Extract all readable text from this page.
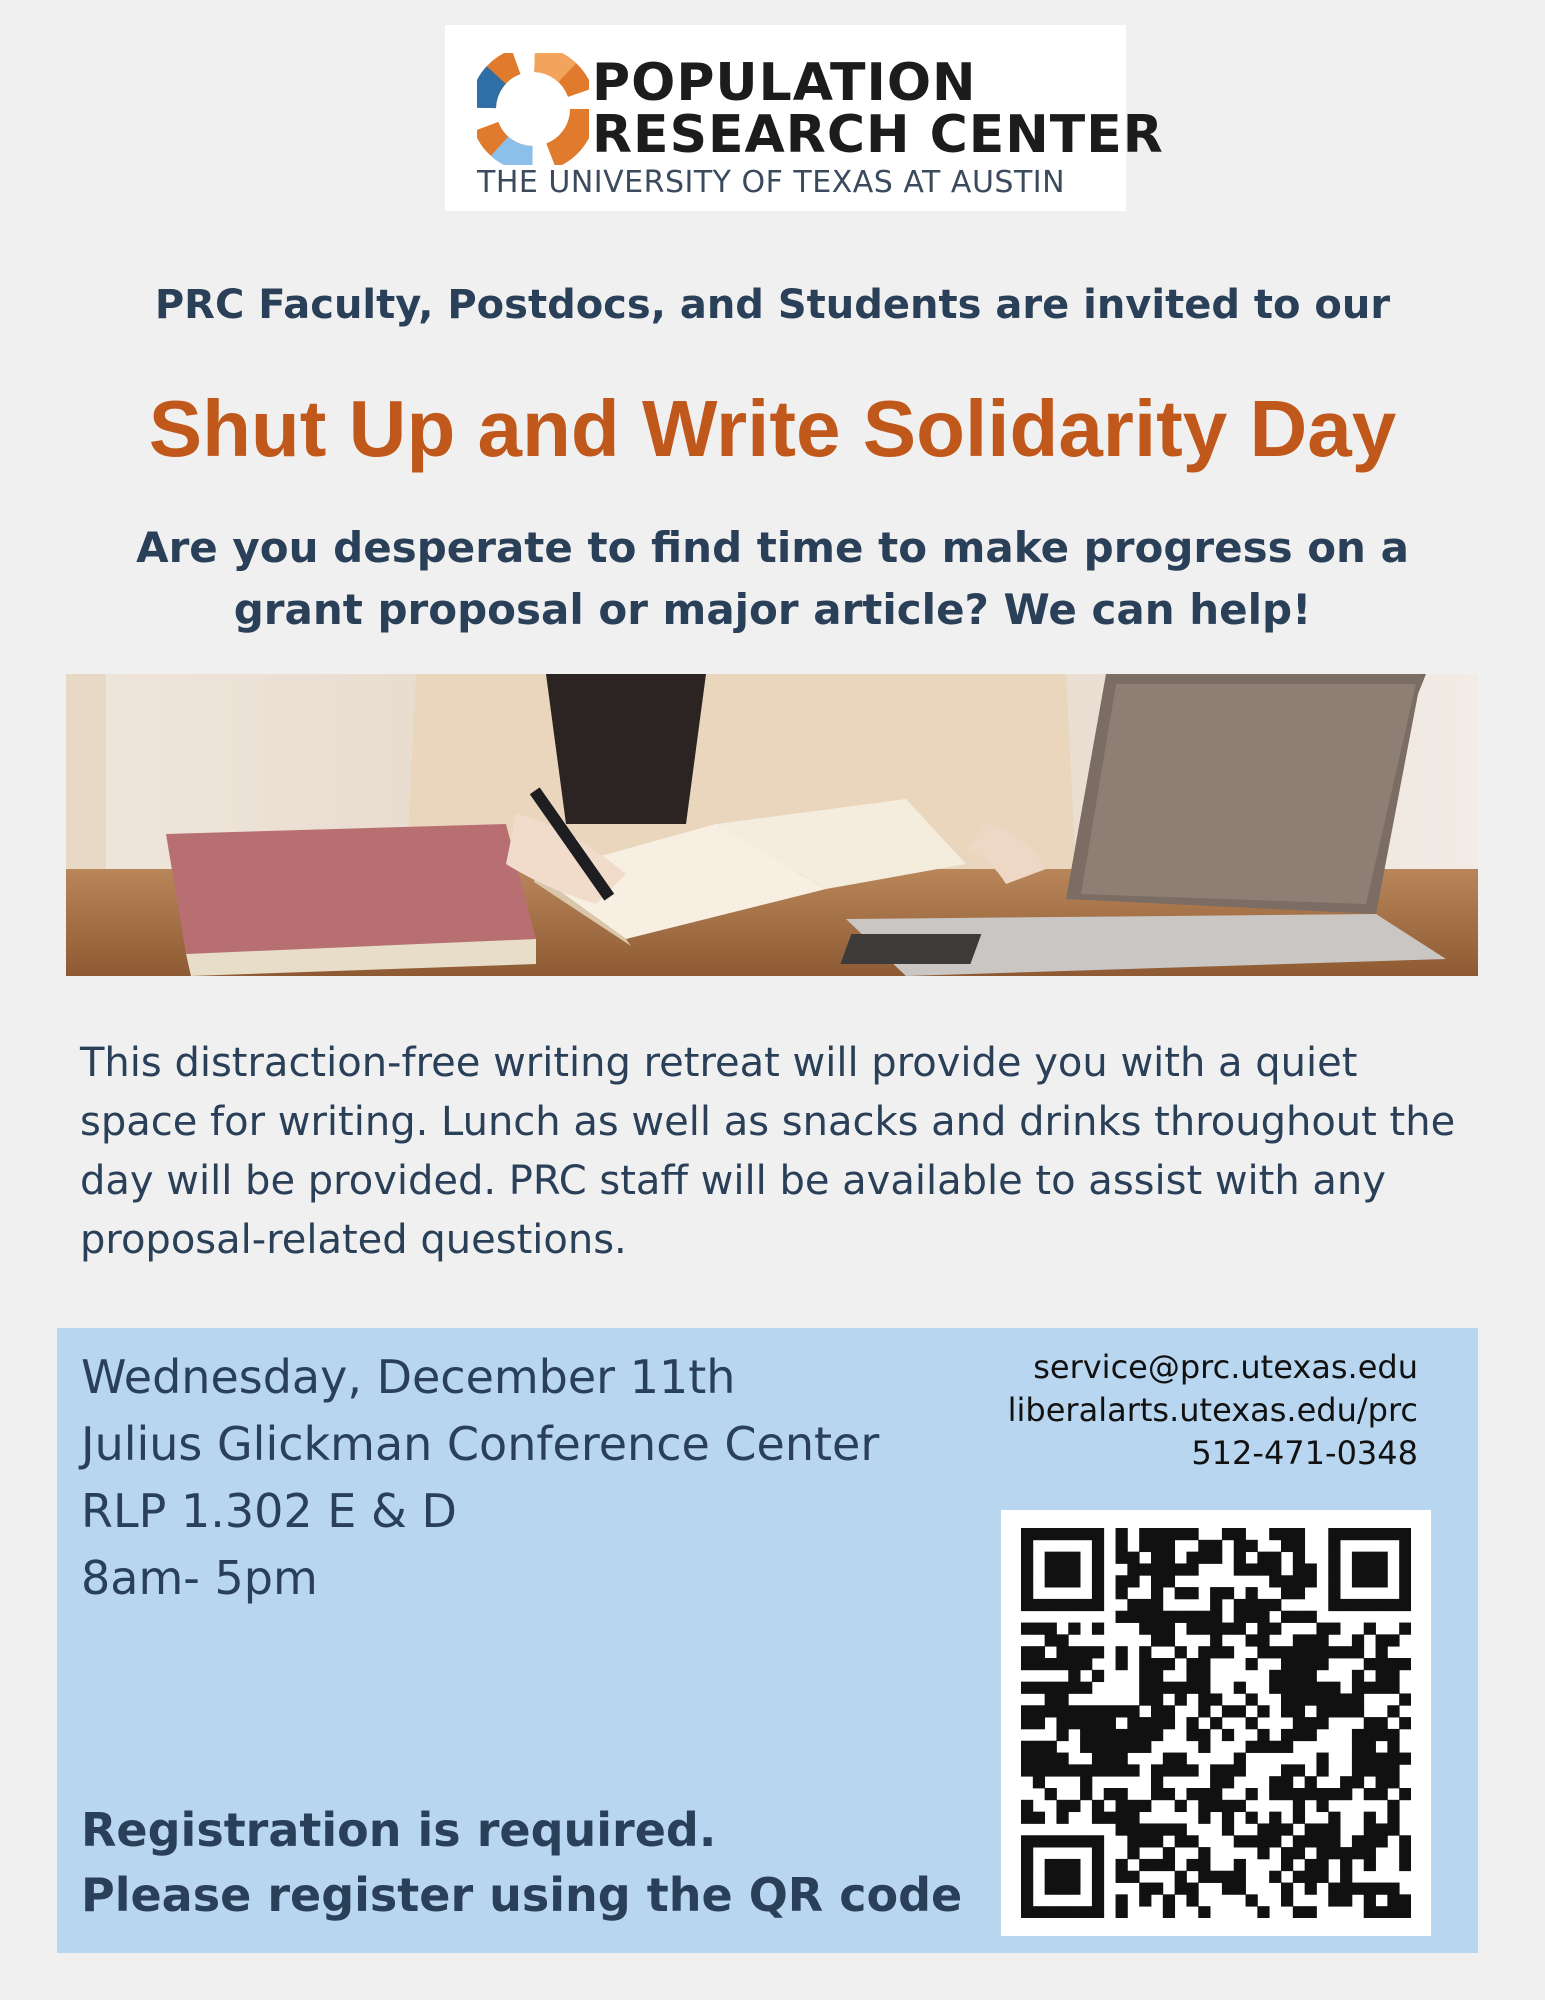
POPULATION
RESEARCH CENTER
THE UNIVERSITY OF TEXAS AT AUSTIN
PRC Faculty, Postdocs, and Students are invited to our
Shut Up and Write Solidarity Day
Are you desperate to find time to make progress on a
grant proposal or major article? We can help!
This distraction-free writing retreat will provide you with a quiet space for writing. Lunch as well as snacks and drinks throughout the day will be provided. PRC staff will be available to assist with any proposal-related questions.
Wednesday, December 11th
Julius Glickman Conference Center
RLP 1.302 E & D
8am- 5pm
service@prc.utexas.edu
liberalarts.utexas.edu/prc
512-471-0348
Registration is required.
Please register using the QR code
